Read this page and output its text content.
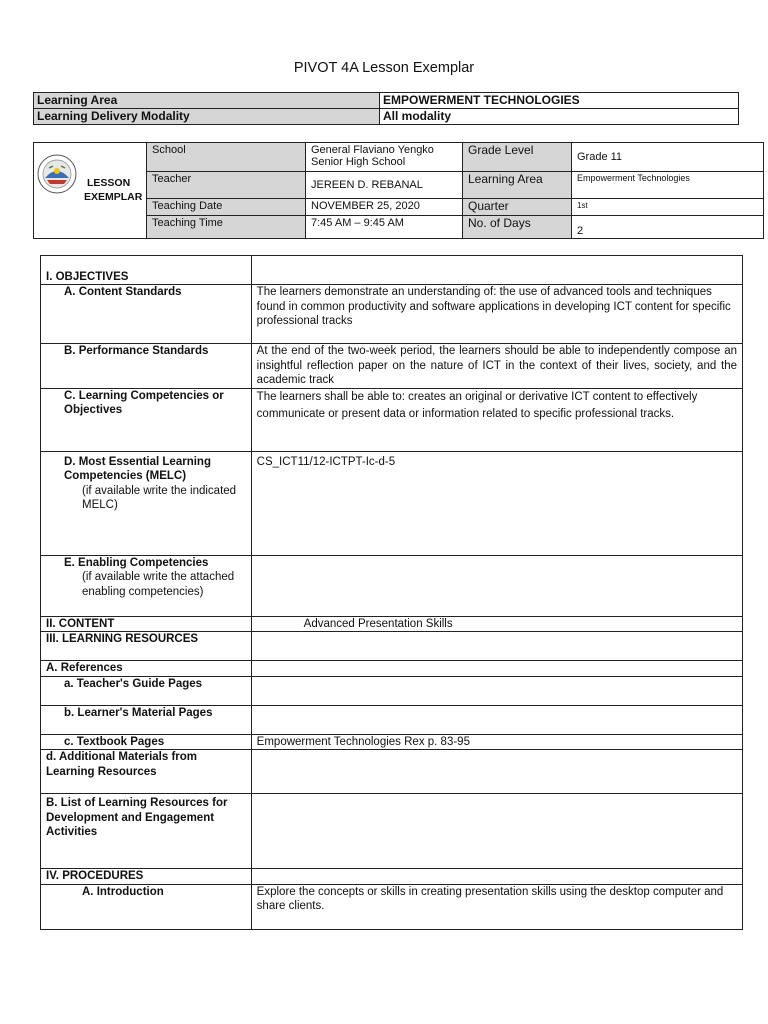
PIVOT 4A Lesson Exemplar
Learning Area	EMPOWERMENT TECHNOLOGIES
Learning Delivery Modality	All modality
LESSON
EXEMPLAR	School	General Flaviano Yengko Senior High School	Grade Level	Grade 11
	Teacher	JEREEN D. REBANAL	Learning Area	Empowerment Technologies
	Teaching Date	NOVEMBER 25, 2020	Quarter	1st
	Teaching Time	7:45 AM – 9:45 AM	No. of Days	2
I. OBJECTIVES	

A. Content Standards	The learners demonstrate an understanding of: the use of advanced tools and techniques found in common productivity and software applications in developing ICT content for specific professional tracks

B. Performance Standards	At the end of the two-week period, the learners should be able to independently compose an insightful reflection paper on the nature of ICT in the context of their lives, society, and the academic track

C. Learning Competencies or Objectives	The learners shall be able to: creates an original or derivative ICT content to effectively communicate or present data or information related to specific professional tracks.

D. Most Essential Learning Competencies (MELC)
(if available write the indicated MELC)	CS_ICT11/12-ICTPT-Ic-d-5

E. Enabling Competencies
(if available write the attached enabling competencies)	

II. CONTENT	Advanced Presentation Skills
III. LEARNING RESOURCES	
A. References	

a. Teacher's Guide Pages	

b. Learner's Material Pages	

c. Textbook Pages	Empowerment Technologies Rex p. 83-95
d. Additional Materials from Learning Resources	
B. List of Learning Resources for Development and Engagement Activities	
IV. PROCEDURES	

A. Introduction	Explore the concepts or skills in creating presentation skills using the desktop computer and share clients.
